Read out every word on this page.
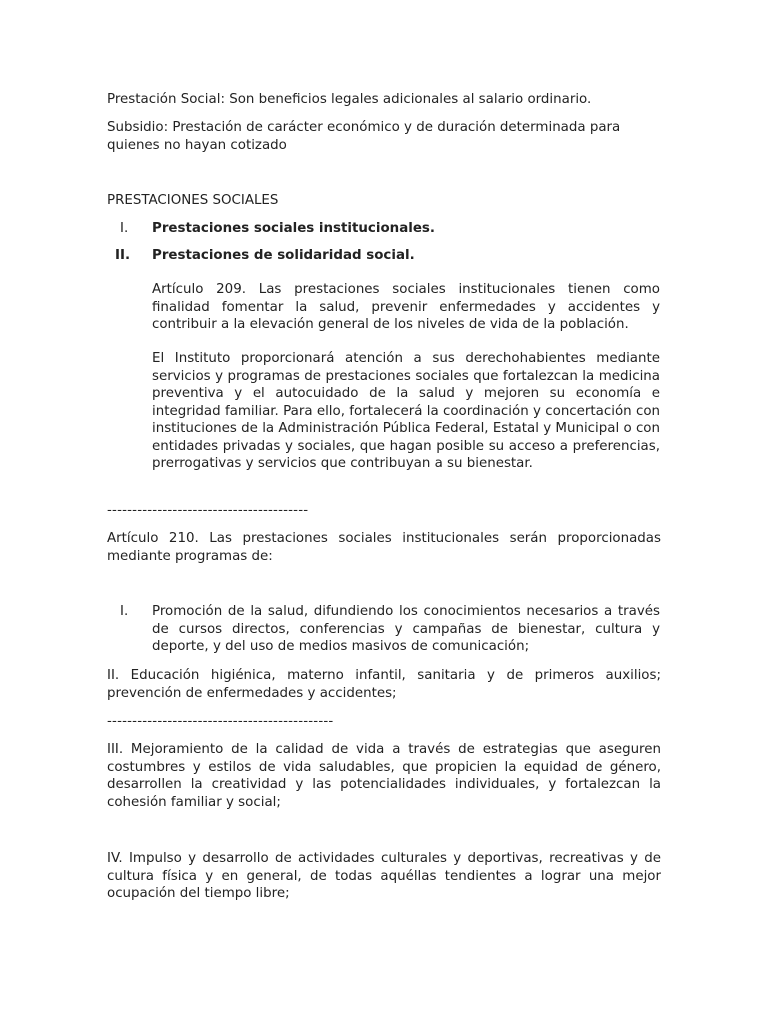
Prestación Social: Son beneficios legales adicionales al salario ordinario.

Subsidio: Prestación de carácter económico y de duración determinada para quienes no hayan cotizado

PRESTACIONES SOCIALES

I. Prestaciones sociales institucionales.
II. Prestaciones de solidaridad social.

Artículo 209. Las prestaciones sociales institucionales tienen como finalidad fomentar la salud, prevenir enfermedades y accidentes y contribuir a la elevación general de los niveles de vida de la población.

El Instituto proporcionará atención a sus derechohabientes mediante servicios y programas de prestaciones sociales que fortalezcan la medicina preventiva y el autocuidado de la salud y mejoren su economía e integridad familiar. Para ello, fortalecerá la coordinación y concertación con instituciones de la Administración Pública Federal, Estatal y Municipal o con entidades privadas y sociales, que hagan posible su acceso a preferencias, prerrogativas y servicios que contribuyan a su bienestar.

----------------------------------------

Artículo 210. Las prestaciones sociales institucionales serán proporcionadas mediante programas de:

I. Promoción de la salud, difundiendo los conocimientos necesarios a través de cursos directos, conferencias y campañas de bienestar, cultura y deporte, y del uso de medios masivos de comunicación;

II. Educación higiénica, materno infantil, sanitaria y de primeros auxilios; prevención de enfermedades y accidentes;

---------------------------------------------

III. Mejoramiento de la calidad de vida a través de estrategias que aseguren costumbres y estilos de vida saludables, que propicien la equidad de género, desarrollen la creatividad y las potencialidades individuales, y fortalezcan la cohesión familiar y social;

IV. Impulso y desarrollo de actividades culturales y deportivas, recreativas y de cultura física y en general, de todas aquéllas tendientes a lograr una mejor ocupación del tiempo libre;
